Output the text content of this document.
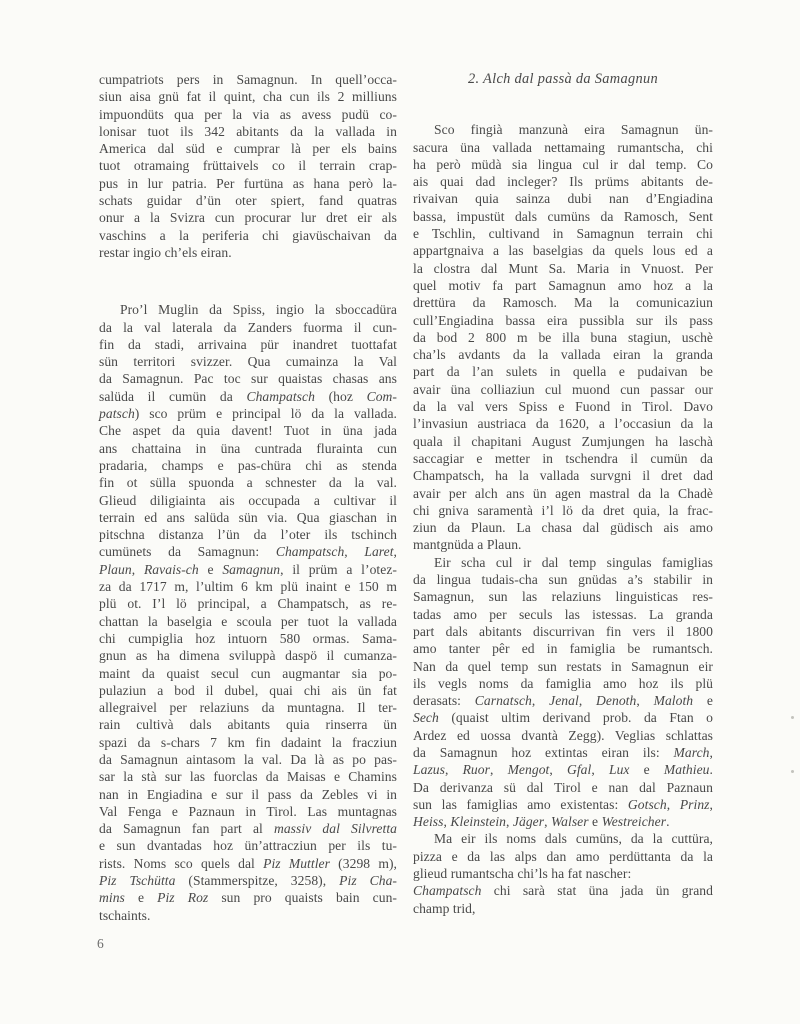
cumpatriots pers in Samagnun. In quell’occa-
siun aisa gnü fat il quint, cha cun ils 2 milliuns
impuondüts qua per la via as avess pudü co-
lonisar tuot ils 342 abitants da la vallada in
America dal süd e cumprar là per els bains
tuot otramaing früttaivels co il terrain crap-
pus in lur patria. Per furtüna as hana però la-
schats guidar d’ün oter spiert, fand quatras
onur a la Svizra cun procurar lur dret eir als
vaschins a la periferia chi giavüschaivan da
restar ingio ch’els eiran.
Pro’l Muglin da Spiss, ingio la sboccadüra
da la val laterala da Zanders fuorma il cun-
fin da stadi, arrivaina pür inandret tuottafat
sün territori svizzer. Qua cumainza la Val
da Samagnun. Pac toc sur quaistas chasas ans
salüda il cumün da Champatsch (hoz Com-
patsch) sco prüm e principal lö da la vallada.
Che aspet da quia davent! Tuot in üna jada
ans chattaina in üna cuntrada flurainta cun
pradaria, champs e pas-chüra chi as stenda
fin ot sülla spuonda a schnester da la val.
Glieud diligiainta ais occupada a cultivar il
terrain ed ans salüda sün via. Qua giaschan in
pitschna distanza l’ün da l’oter ils tschinch
cumünets da Samagnun: Champatsch, Laret,
Plaun, Ravais-ch e Samagnun, il prüm a l’otez-
za da 1717 m, l’ultim 6 km plü inaint e 150 m
plü ot. I’l lö principal, a Champatsch, as re-
chattan la baselgia e scoula per tuot la vallada
chi cumpiglia hoz intuorn 580 ormas. Sama-
gnun as ha dimena sviluppà daspö il cumanza-
maint da quaist secul cun augmantar sia po-
pulaziun a bod il dubel, quai chi ais ün fat
allegraivel per relaziuns da muntagna. Il ter-
rain cultivà dals abitants quia rinserra ün
spazi da s-chars 7 km fin dadaint la fracziun
da Samagnun aintasom la val. Da là as po pas-
sar la stà sur las fuorclas da Maisas e Chamins
nan in Engiadina e sur il pass da Zebles vi in
Val Fenga e Paznaun in Tirol. Las muntagnas
da Samagnun fan part al massiv dal Silvretta
e sun dvantadas hoz ün’attracziun per ils tu-
rists. Noms sco quels dal Piz Muttler (3298 m),
Piz Tschütta (Stammerspitze, 3258), Piz Cha-
mins e Piz Roz sun pro quaists bain cun-
tschaints.
2. Alch dal passà da Samagnun
Sco fingià manzunà eira Samagnun ün-
sacura üna vallada nettamaing rumantscha, chi
ha però müdà sia lingua cul ir dal temp. Co
ais quai dad incleger? Ils prüms abitants de-
rivaivan quia sainza dubi nan d’Engiadina
bassa, impustüt dals cumüns da Ramosch, Sent
e Tschlin, cultivand in Samagnun terrain chi
appartgnaiva a las baselgias da quels lous ed a
la clostra dal Munt Sa. Maria in Vnuost. Per
quel motiv fa part Samagnun amo hoz a la
drettüra da Ramosch. Ma la comunicaziun
cull’Engiadina bassa eira pussibla sur ils pass
da bod 2 800 m be illa buna stagiun, uschè
cha’ls avdants da la vallada eiran la granda
part da l’an sulets in quella e pudaivan be
avair üna colliaziun cul muond cun passar our
da la val vers Spiss e Fuond in Tirol. Davo
l’invasiun austriaca da 1620, a l’occasiun da la
quala il chapitani August Zumjungen ha laschà
saccagiar e metter in tschendra il cumün da
Champatsch, ha la vallada survgni il dret dad
avair per alch ans ün agen mastral da la Chadè
chi gniva saramentà i’l lö da dret quia, la frac-
ziun da Plaun. La chasa dal güdisch ais amo
mantgnüda a Plaun.
Eir scha cul ir dal temp singulas famiglias
da lingua tudais-cha sun gnüdas a’s stabilir in
Samagnun, sun las relaziuns linguisticas res-
tadas amo per seculs las istessas. La granda
part dals abitants discurrivan fin vers il 1800
amo tanter pêr ed in famiglia be rumantsch.
Nan da quel temp sun restats in Samagnun eir
ils vegls noms da famiglia amo hoz ils plü
derasats: Carnatsch, Jenal, Denoth, Maloth e
Sech (quaist ultim derivand prob. da Ftan o
Ardez ed uossa dvantà Zegg). Veglias schlattas
da Samagnun hoz extintas eiran ils: March,
Lazus, Ruor, Mengot, Gfal, Lux e Mathieu.
Da derivanza sü dal Tirol e nan dal Paznaun
sun las famiglias amo existentas: Gotsch, Prinz,
Heiss, Kleinstein, Jäger, Walser e Westreicher.
Ma eir ils noms dals cumüns, da la cuttüra,
pizza e da las alps dan amo perdüttanta da la
glieud rumantscha chi’ls ha fat nascher:
Champatsch chi sarà stat üna jada ün grand
champ trid,
6
